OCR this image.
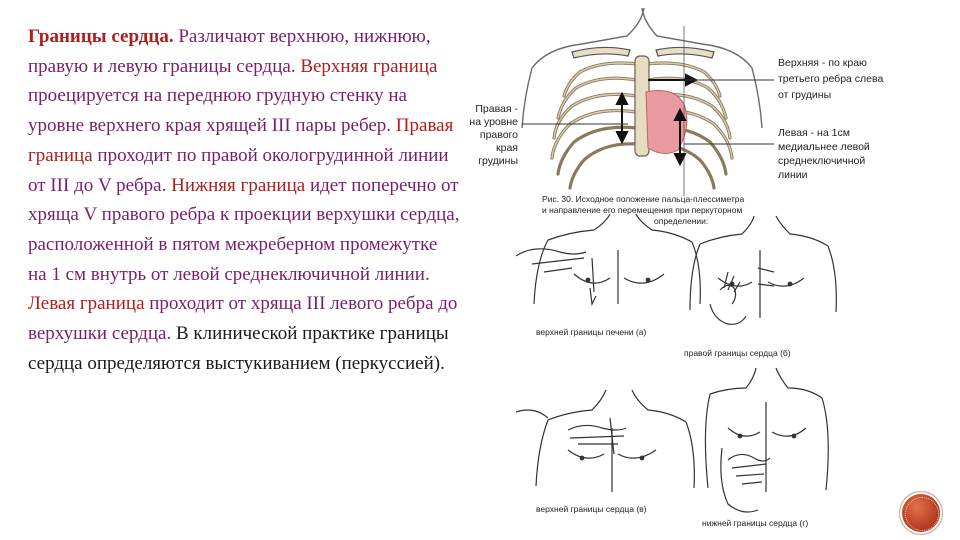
Границы сердца. Различают верхнюю, нижнюю, правую и левую границы сердца. Верхняя граница проецируется на переднюю грудную стенку на уровне верхнего края хрящей III пары ребер. Правая граница проходит по правой окологрудинной линии от III до V ребра. Нижняя граница идет поперечно от хряща V правого ребра к проекции верхушки сердца, расположенной в пятом межреберном промежутке на 1 см внутрь от левой среднеключичной линии. Левая граница проходит от хряща III левого ребра до верхушки сердца. В клинической практике границы сердца определяются выстукиванием (перкуссией).
Правая -
на уровне
правого
края
грудины
Верхняя - по краю
третьего ребра слева
от грудины
Левая - на 1см
медиальнее левой
среднеключичной
линии
Рис. 30. Исходное положение пальца-плессиметра
и направление его перемещения при перкуторном
определении:
верхней границы печени (а)
правой границы сердца (б)
верхней границы сердца (в)
нижней границы сердца (г)
